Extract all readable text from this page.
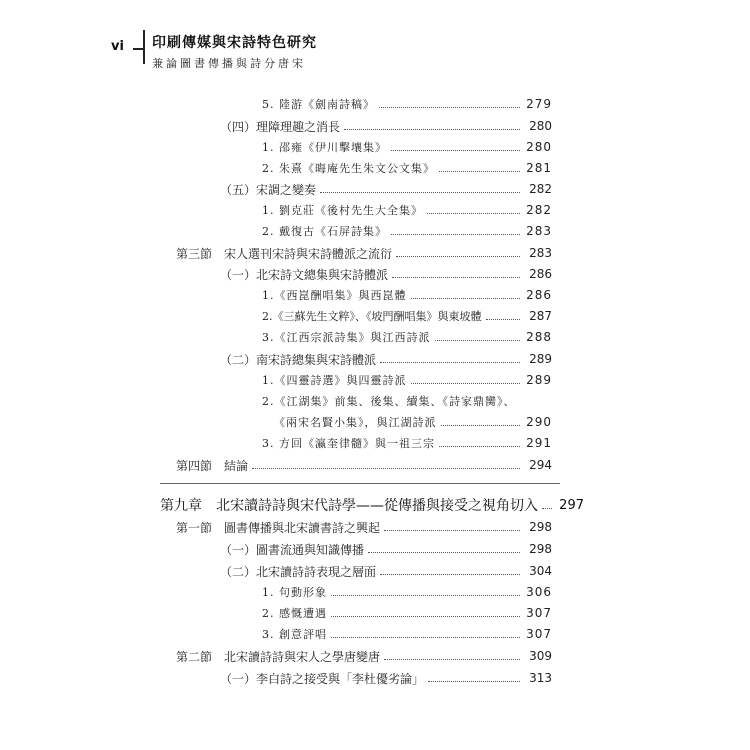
vi 印刷傳媒與宋詩特色研究
兼論圖書傳播與詩分唐宋
5. 陸游《劍南詩稿》	279
（四）理障理趣之消長	280
1. 邵雍《伊川擊壤集》	280
2. 朱熹《晦庵先生朱文公文集》	281
（五）宋調之變奏	282
1. 劉克莊《後村先生大全集》	282
2. 戴復古《石屏詩集》	283
第三節　宋人選刊宋詩與宋詩體派之流衍	283
（一）北宋詩文總集與宋詩體派	286
1.《西崑酬唱集》與西崑體	286
2.《三蘇先生文粹》、《坡門酬唱集》與東坡體	287
3.《江西宗派詩集》與江西詩派	288
（二）南宋詩總集與宋詩體派	289
1.《四靈詩選》與四靈詩派	289
2.《江湖集》前集、後集、續集、《詩家鼎臠》、
《兩宋名賢小集》，與江湖詩派	290
3. 方回《瀛奎律髓》與一祖三宗	291
第四節　結論	294
第九章　北宋讀詩詩與宋代詩學——從傳播與接受之視角切入 297
第一節　圖書傳播與北宋讀書詩之興起	298
（一）圖書流通與知識傳播	298
（二）北宋讀詩詩表現之層面	304
1. 句動形象	306
2. 感慨遭遇	307
3. 創意評唱	307
第二節　北宋讀詩詩與宋人之學唐變唐	309
（一）李白詩之接受與「李杜優劣論」	313
